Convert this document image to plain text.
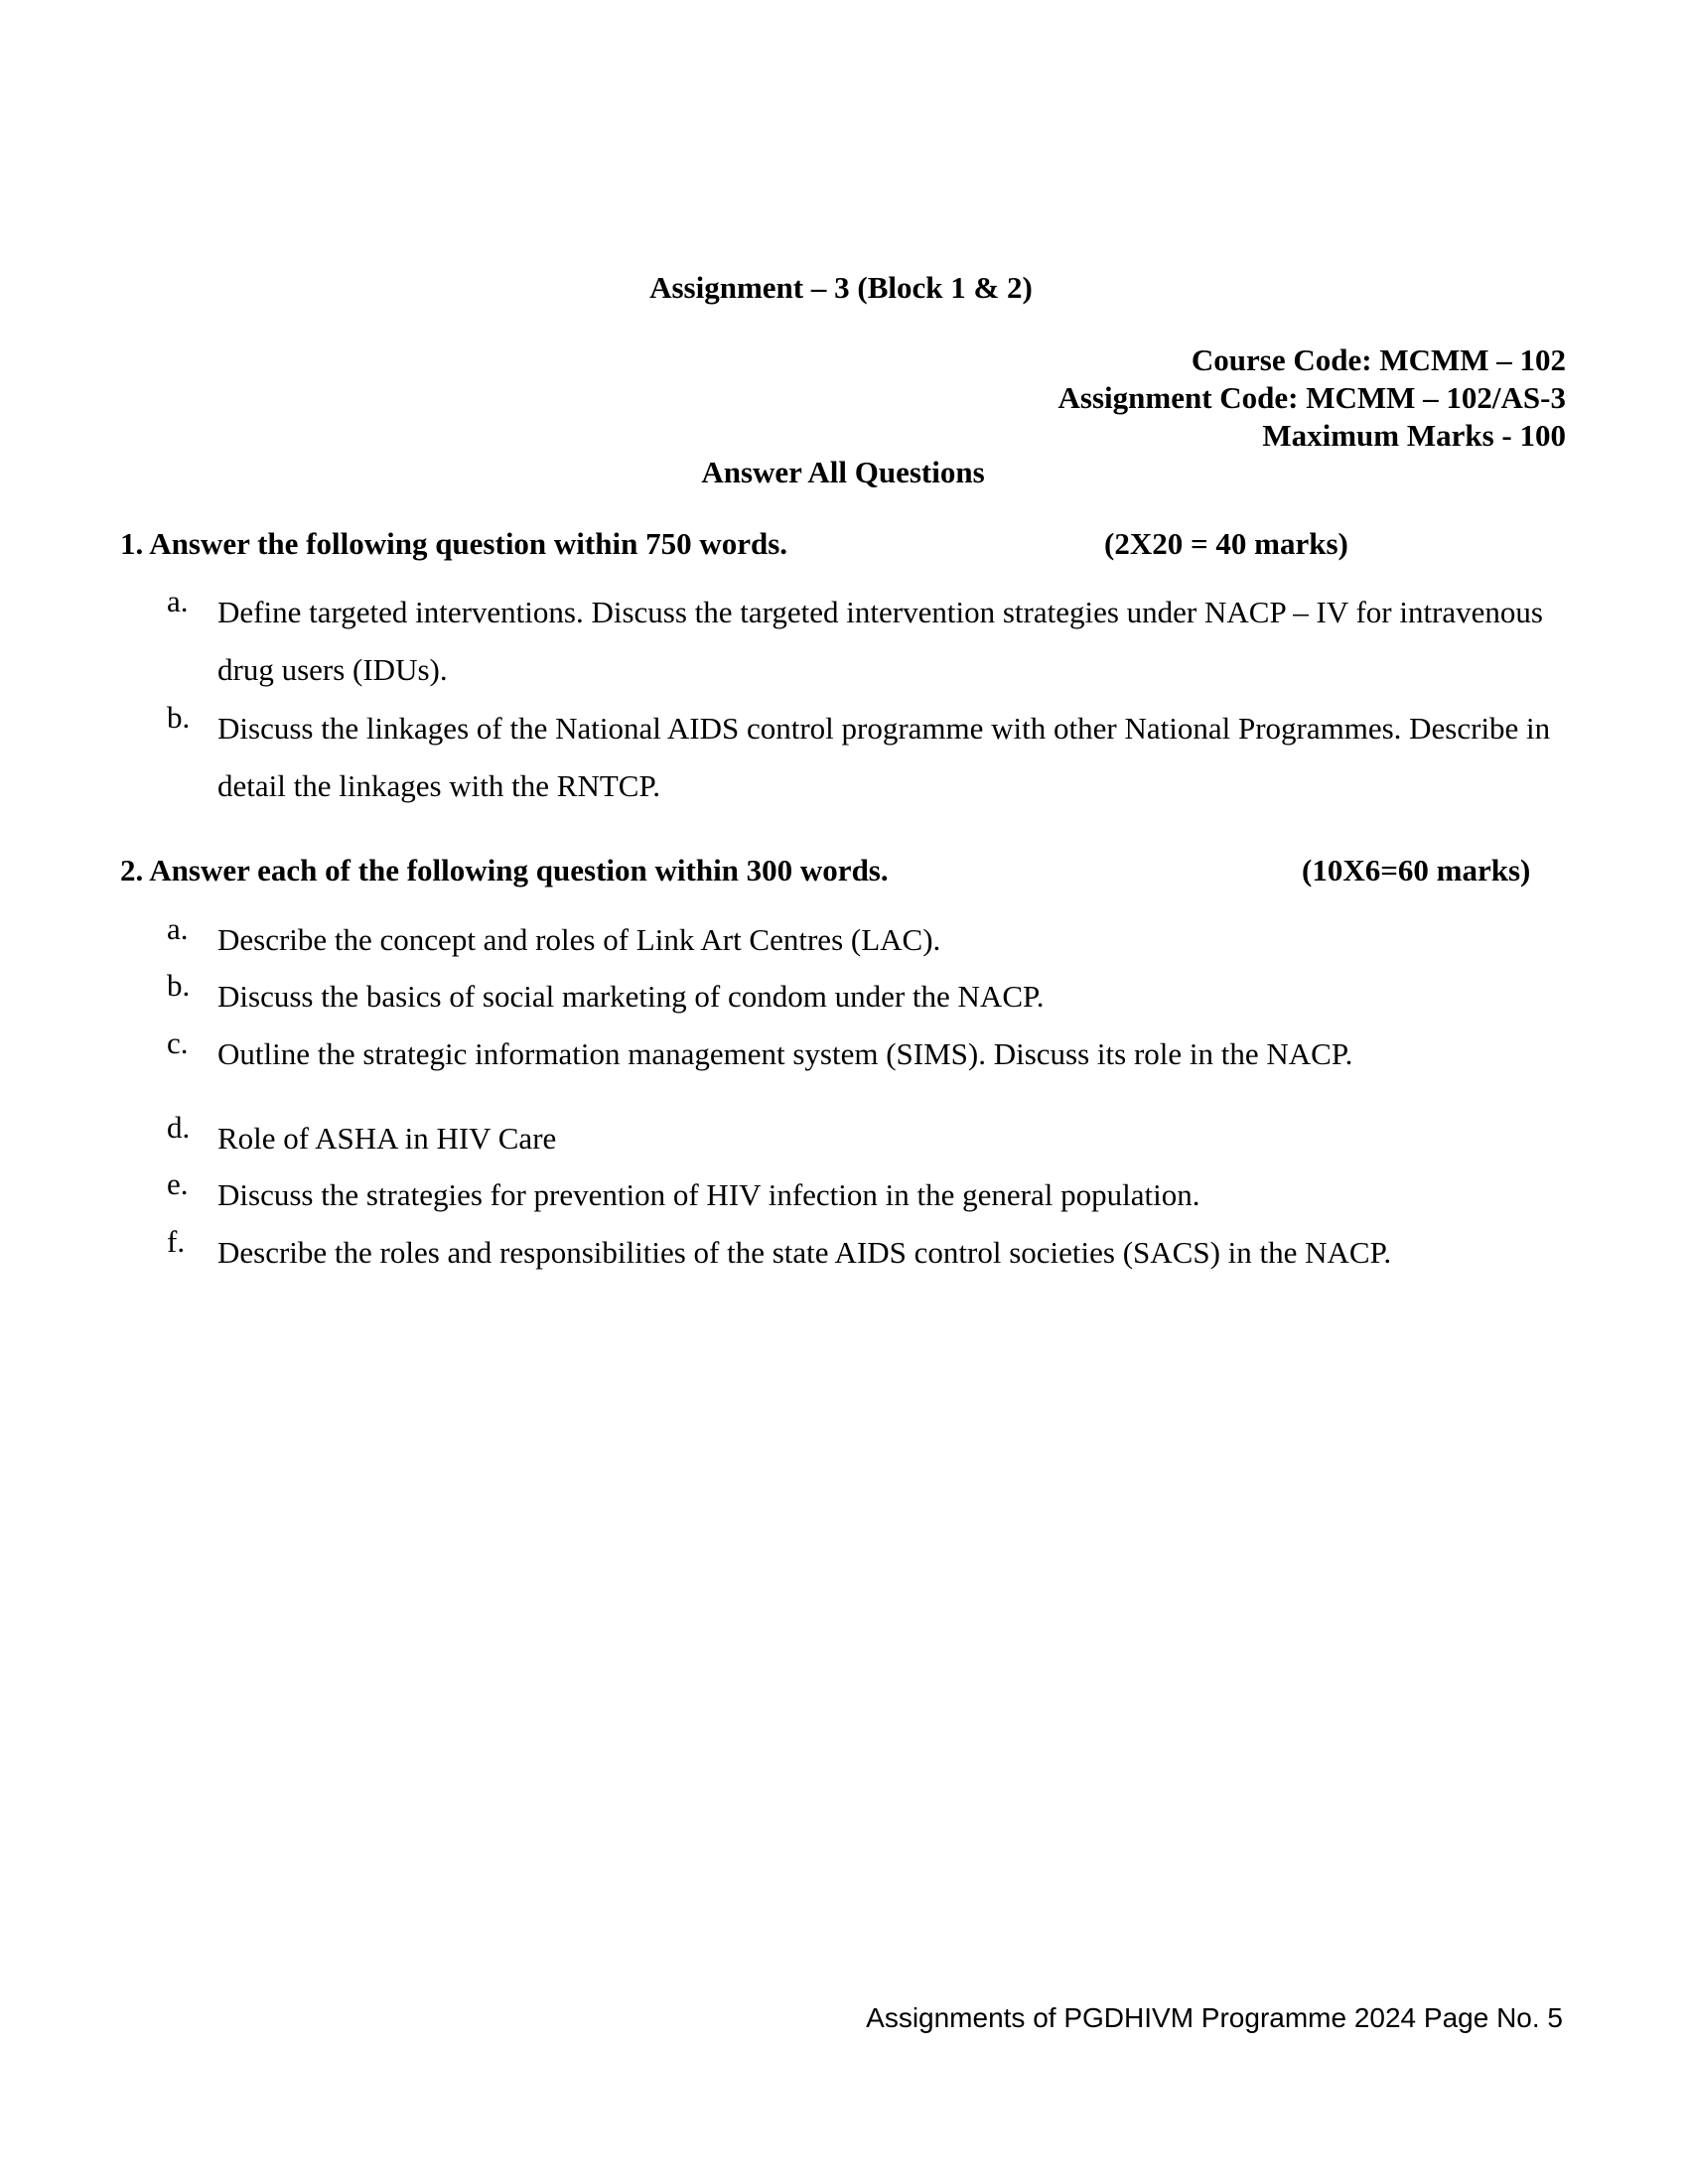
Assignment – 3 (Block 1 & 2)
Course Code: MCMM – 102
Assignment Code: MCMM – 102/AS-3
Maximum Marks - 100
Answer All Questions
1. Answer the following question within 750 words.	(2X20 = 40 marks)
a. Define targeted interventions. Discuss the targeted intervention strategies under NACP – IV for intravenous drug users (IDUs).
b. Discuss the linkages of the National AIDS control programme with other National Programmes. Describe in detail the linkages with the RNTCP.
2. Answer each of the following question within 300 words.	(10X6=60 marks)
a. Describe the concept and roles of Link Art Centres (LAC).
b. Discuss the basics of social marketing of condom under the NACP.
c. Outline the strategic information management system (SIMS). Discuss its role in the NACP.
d. Role of ASHA in HIV Care
e. Discuss the strategies for prevention of HIV infection in the general population.
f.	Describe the roles and responsibilities of the state AIDS control societies (SACS) in the NACP.
Assignments of PGDHIVM Programme 2024 Page No. 5
